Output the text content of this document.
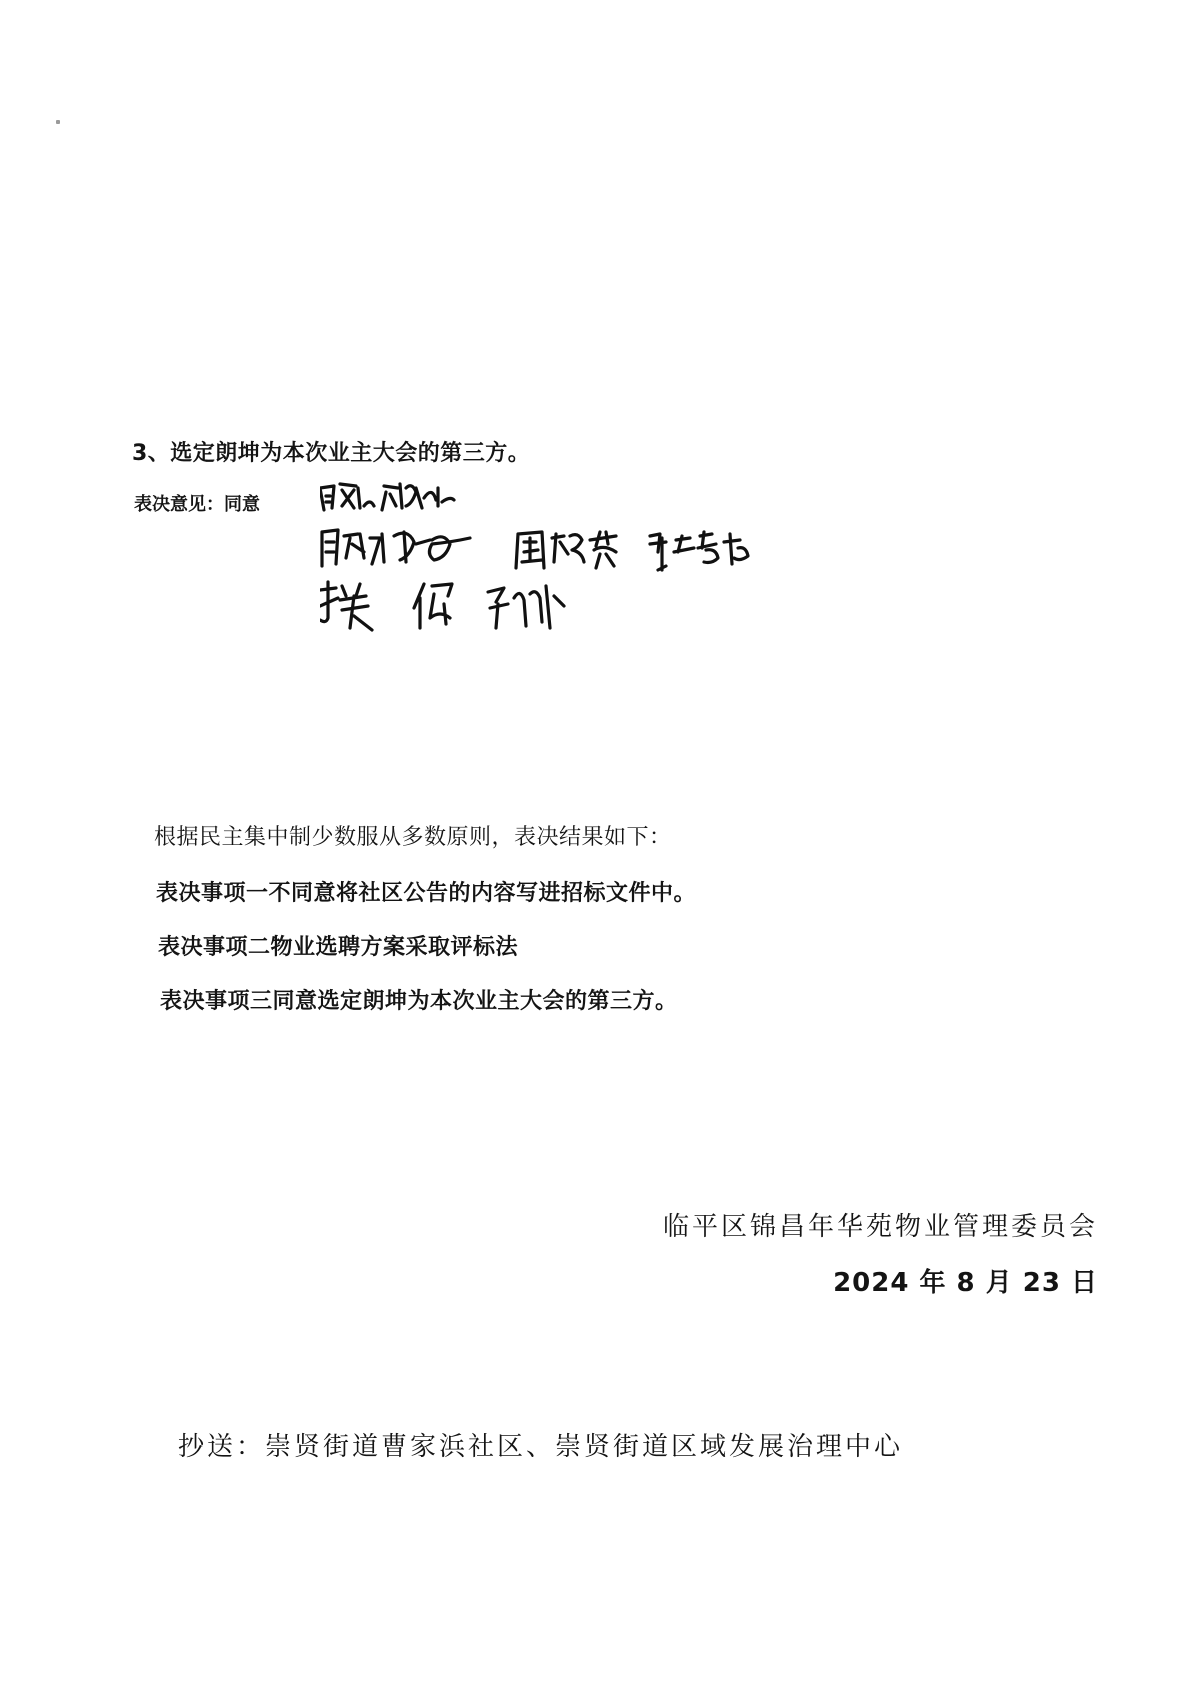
3、选定朗坤为本次业主大会的第三方。
表决意见：同意
根据民主集中制少数服从多数原则，表决结果如下：
表决事项一不同意将社区公告的内容写进招标文件中。
表决事项二物业选聘方案采取评标法
表决事项三同意选定朗坤为本次业主大会的第三方。
临平区锦昌年华苑物业管理委员会
2024 年 8 月 23 日
抄送：崇贤街道曹家浜社区、崇贤街道区域发展治理中心
